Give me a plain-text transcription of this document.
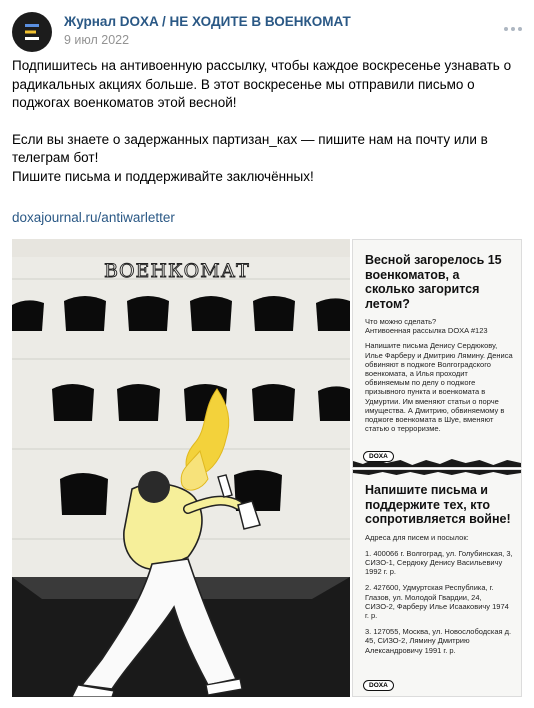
Журнал DOXA / НЕ ХОДИТЕ В ВОЕНКОМАТ
9 июл 2022

Подпишитесь на антивоенную рассылку, чтобы каждое воскресенье узнавать о радикальных акциях больше. В этот воскресенье мы отправили письмо о поджогах военкоматов этой весной!

Если вы знаете о задержанных партизан_ках — пишите нам на почту или в телеграм бот!

Пишите письма и поддерживайте заключённых!

doxajournal.ru/antiwarletter
ВОЕНКОМАТ	Весной загорелось 15 военкоматов, а сколько загорится летом?
Что можно сделать?
Антивоенная рассылка DOXA #123
Напишите письма Денису Сердюкову, Илье Фарберу и Дмитрию Лямину. Дениса обвиняют в поджоге Волгоградского военкомата, а Илья проходит обвиняемым по делу о поджоге призывного пункта и военкомата в Удмуртии. Им вменяют статьи о порче имущества. А Дмитрию, обвиняемому в поджоге военкомата в Шуе, вменяют статью о терроризме.
DOXA
Напишите письма и поддержите тех, кто сопротивляется войне!
Адреса для писем и посылок:
1. 400066 г. Волгоград, ул. Голубинская, 3, СИЗО-1, Сердюку Денису Васильевичу 1992 г. р.
2. 427600, Удмуртская Республика, г. Глазов, ул. Молодой Гвардии, 24, СИЗО-2, Фарберу Илье Исааковичу 1974 г. р.
3. 127055, Москва, ул. Новослободская д. 45, СИЗО-2, Лямину Дмитрию Александровичу 1991 г. р.
DOXA
